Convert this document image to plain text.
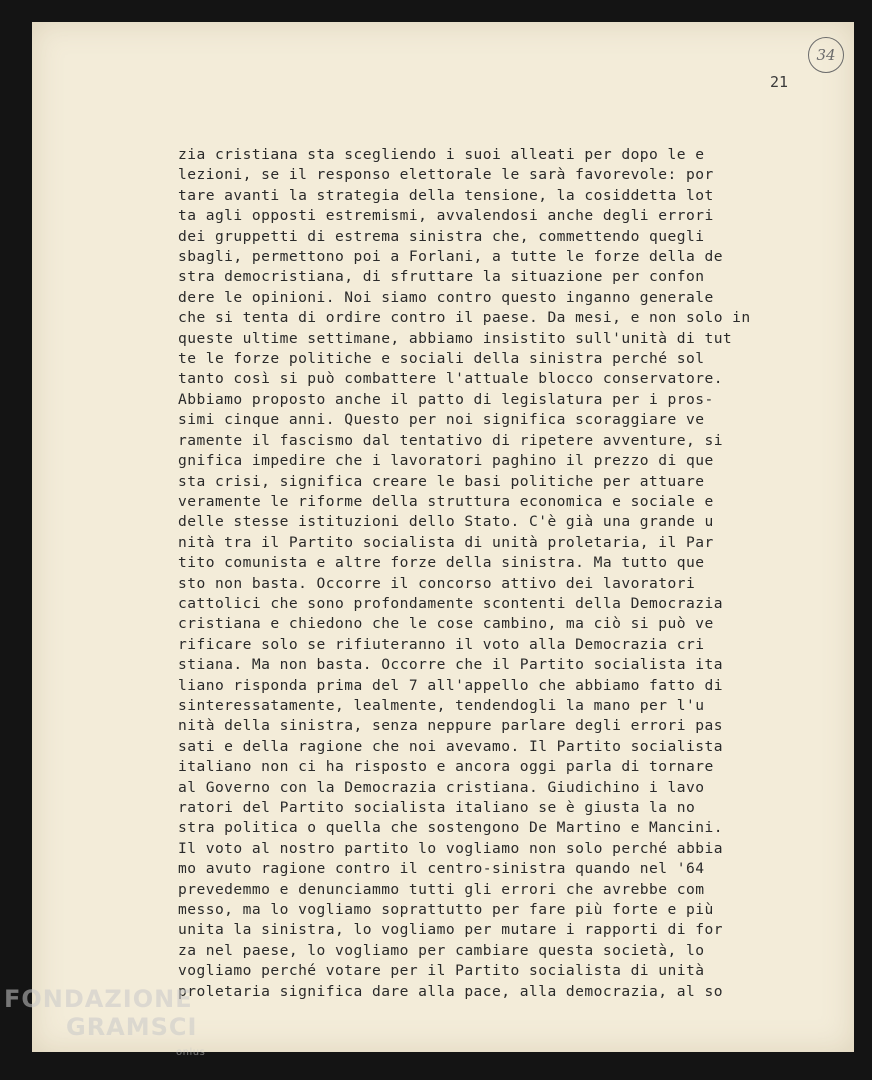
34
21
zia cristiana sta scegliendo i suoi alleati per dopo le e
lezioni, se il responso elettorale le sarà favorevole: por
tare avanti la strategia della tensione, la cosiddetta lot
ta agli opposti estremismi, avvalendosi anche degli errori
dei gruppetti di estrema sinistra che, commettendo quegli
sbagli, permettono poi a Forlani, a tutte le forze della de
stra democristiana, di sfruttare la situazione per confon
dere le opinioni. Noi siamo contro questo inganno generale
che si tenta di ordire contro il paese. Da mesi, e non solo in
queste ultime settimane, abbiamo insistito sull'unità di tut
te le forze politiche e sociali della sinistra perché sol
tanto così si può combattere l'attuale blocco conservatore.
Abbiamo proposto anche il patto di legislatura per i pros-
simi cinque anni. Questo per noi significa scoraggiare ve
ramente il fascismo dal tentativo di ripetere avventure, si
gnifica impedire che i lavoratori paghino il prezzo di que
sta crisi, significa creare le basi politiche per attuare
veramente le riforme della struttura economica e sociale e
delle stesse istituzioni dello Stato. C'è già una grande u
nità tra il Partito socialista di unità proletaria, il Par
tito comunista e altre forze della sinistra. Ma tutto que
sto non basta. Occorre il concorso attivo dei lavoratori
cattolici che sono profondamente scontenti della Democrazia
cristiana e chiedono che le cose cambino, ma ciò si può ve
rificare solo se rifiuteranno il voto alla Democrazia cri
stiana. Ma non basta. Occorre che il Partito socialista ita
liano risponda prima del 7 all'appello che abbiamo fatto di
sinteressatamente, lealmente, tendendogli la mano per l'u
nità della sinistra, senza neppure parlare degli errori pas
sati e della ragione che noi avevamo. Il Partito socialista
italiano non ci ha risposto e ancora oggi parla di tornare
al Governo con la Democrazia cristiana. Giudichino i lavo
ratori del Partito socialista italiano se è giusta la no
stra politica o quella che sostengono De Martino e Mancini.
Il voto al nostro partito lo vogliamo non solo perché abbia
mo avuto ragione contro il centro-sinistra quando nel '64
prevedemmo e denunciammo tutti gli errori che avrebbe com
messo, ma lo vogliamo soprattutto per fare più forte e più
unita la sinistra, lo vogliamo per mutare i rapporti di for
za nel paese, lo vogliamo per cambiare questa società, lo
vogliamo perché votare per il Partito socialista di unità
proletaria significa dare alla pace, alla democrazia, al so
FONDAZIONE
GRAMSCI
onlus
